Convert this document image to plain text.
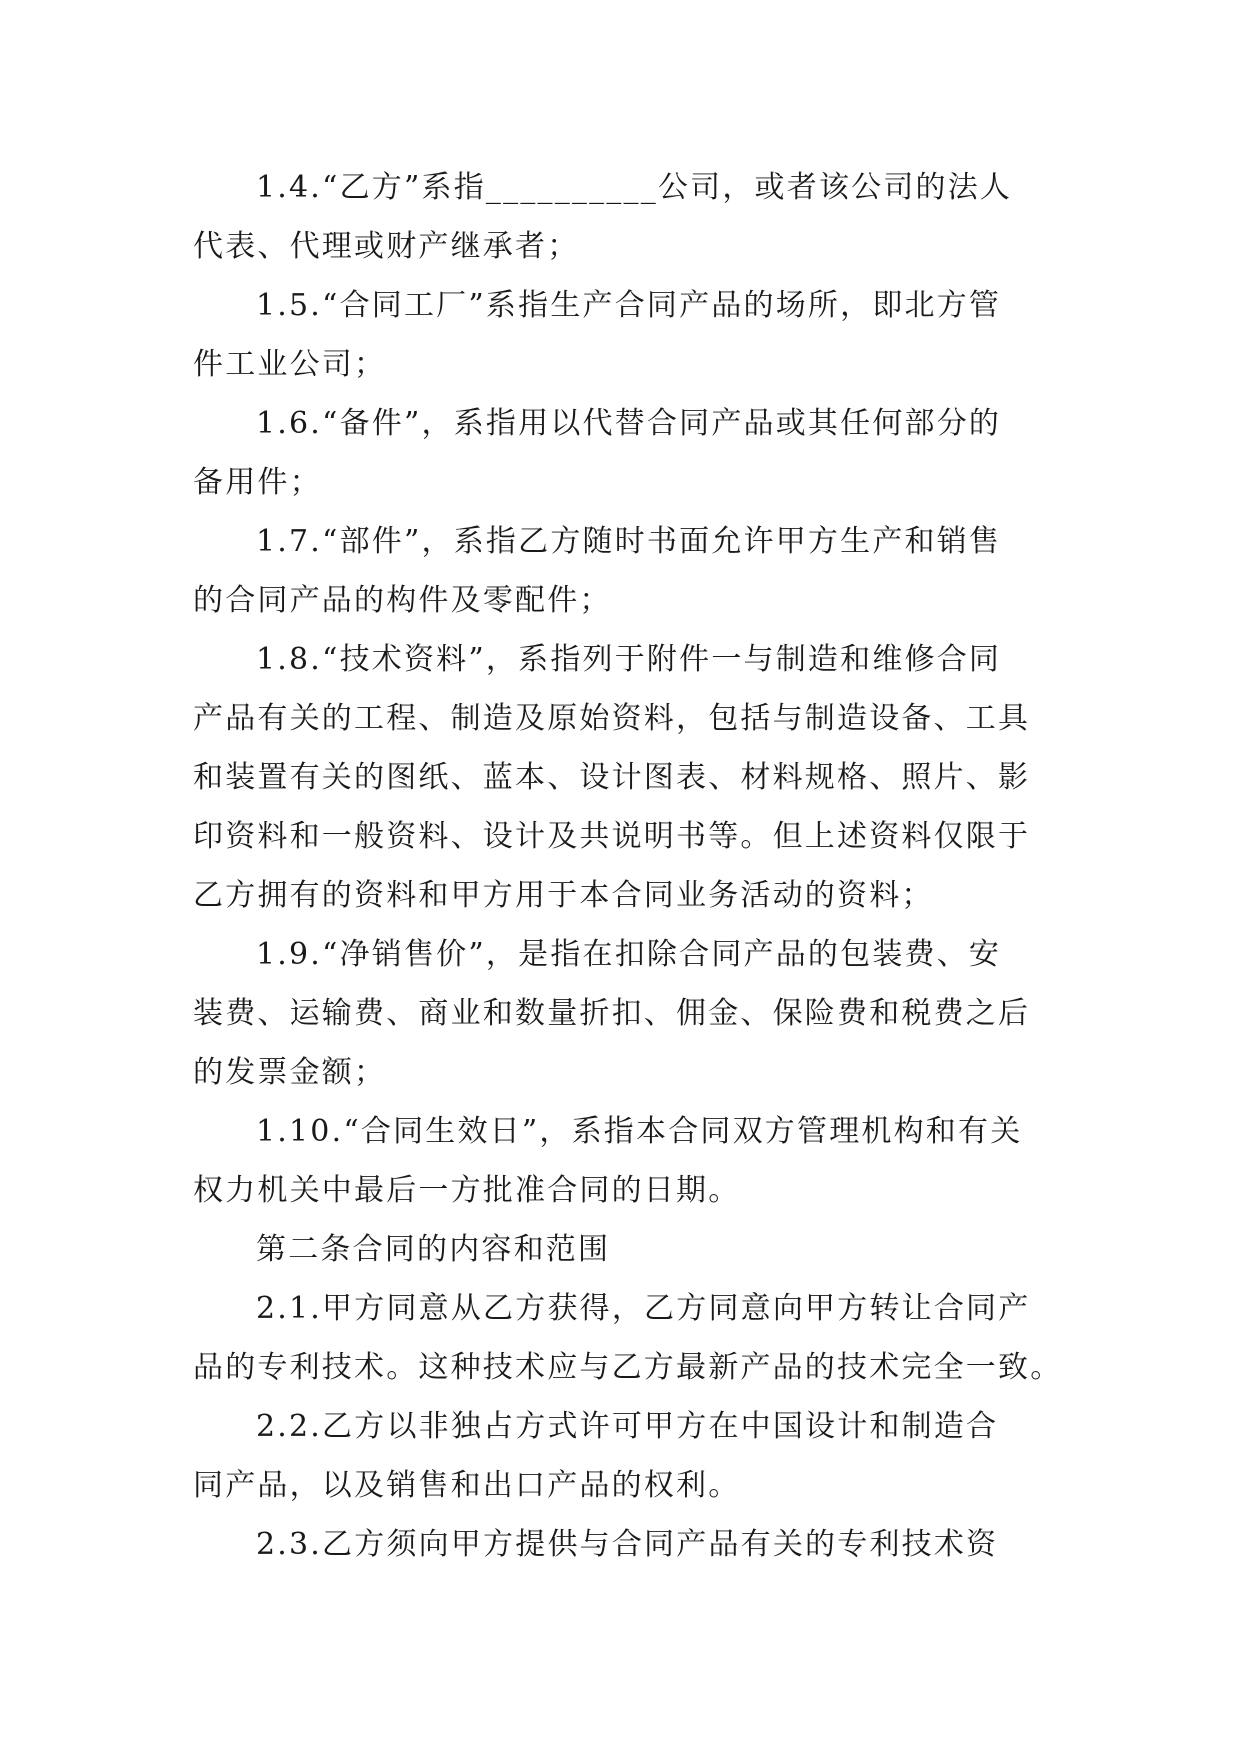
1.4.“乙方”系指__________公司，或者该公司的法人
代表、代理或财产继承者；
1.5.“合同工厂”系指生产合同产品的场所，即北方管
件工业公司；
1.6.“备件”，系指用以代替合同产品或其任何部分的
备用件；
1.7.“部件”，系指乙方随时书面允许甲方生产和销售
的合同产品的构件及零配件；
1.8.“技术资料”，系指列于附件一与制造和维修合同
产品有关的工程、制造及原始资料，包括与制造设备、工具
和装置有关的图纸、蓝本、设计图表、材料规格、照片、影
印资料和一般资料、设计及共说明书等。但上述资料仅限于
乙方拥有的资料和甲方用于本合同业务活动的资料；
1.9.“净销售价”，是指在扣除合同产品的包装费、安
装费、运输费、商业和数量折扣、佣金、保险费和税费之后
的发票金额；
1.10.“合同生效日”，系指本合同双方管理机构和有关
权力机关中最后一方批准合同的日期。
第二条合同的内容和范围
2.1.甲方同意从乙方获得，乙方同意向甲方转让合同产
品的专利技术。这种技术应与乙方最新产品的技术完全一致。
2.2.乙方以非独占方式许可甲方在中国设计和制造合
同产品，以及销售和出口产品的权利。
2.3.乙方须向甲方提供与合同产品有关的专利技术资
